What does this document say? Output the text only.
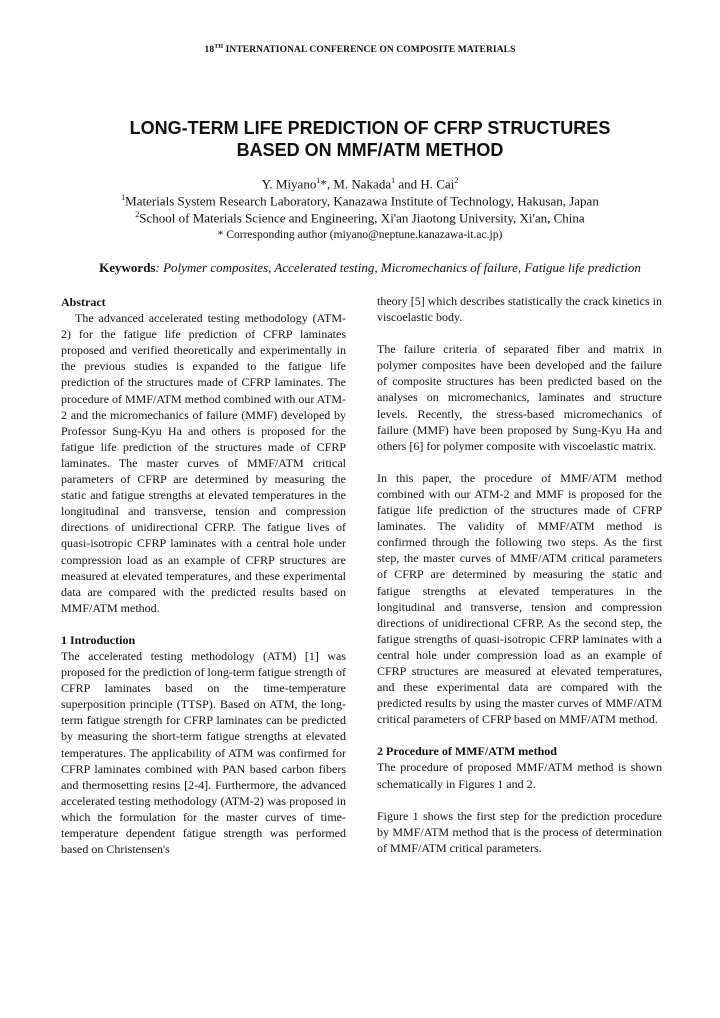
18TH INTERNATIONAL CONFERENCE ON COMPOSITE MATERIALS
LONG-TERM LIFE PREDICTION OF CFRP STRUCTURES
BASED ON MMF/ATM METHOD
Y. Miyano$^1$*, M. Nakada$^1$ and H. Cai$^2$
$^1$Materials System Research Laboratory, Kanazawa Institute of Technology, Hakusan, Japan
$^2$School of Materials Science and Engineering, Xi'an Jiaotong University, Xi'an, China
* Corresponding author (miyano@neptune.kanazawa-it.ac.jp)
Keywords: Polymer composites, Accelerated testing, Micromechanics of failure, Fatigue life prediction
Abstract

The advanced accelerated testing methodology (ATM-2) for the fatigue life prediction of CFRP laminates proposed and verified theoretically and experimentally in the previous studies is expanded to the fatigue life prediction of the structures made of CFRP laminates. The procedure of MMF/ATM method combined with our ATM-2 and the micromechanics of failure (MMF) developed by Professor Sung-Kyu Ha and others is proposed for the fatigue life prediction of the structures made of CFRP laminates. The master curves of MMF/ATM critical parameters of CFRP are determined by measuring the static and fatigue strengths at elevated temperatures in the longitudinal and transverse, tension and compression directions of unidirectional CFRP. The fatigue lives of quasi-isotropic CFRP laminates with a central hole under compression load as an example of CFRP structures are measured at elevated temperatures, and these experimental data are compared with the predicted results based on MMF/ATM method.

1 Introduction

The accelerated testing methodology (ATM) [1] was proposed for the prediction of long-term fatigue strength of CFRP laminates based on the time-temperature superposition principle (TTSP). Based on ATM, the long-term fatigue strength for CFRP laminates can be predicted by measuring the short-term fatigue strengths at elevated temperatures. The applicability of ATM was confirmed for CFRP laminates combined with PAN based carbon fibers and thermosetting resins [2-4]. Furthermore, the advanced accelerated testing methodology (ATM-2) was proposed in which the formulation for the master curves of time-temperature dependent fatigue strength was performed based on Christensen's

theory [5] which describes statistically the crack kinetics in viscoelastic body.

The failure criteria of separated fiber and matrix in polymer composites have been developed and the failure of composite structures has been predicted based on the analyses on micromechanics, laminates and structure levels. Recently, the stress-based micromechanics of failure (MMF) have been proposed by Sung-Kyu Ha and others [6] for polymer composite with viscoelastic matrix.

In this paper, the procedure of MMF/ATM method combined with our ATM-2 and MMF is proposed for the fatigue life prediction of the structures made of CFRP laminates. The validity of MMF/ATM method is confirmed through the following two steps. As the first step, the master curves of MMF/ATM critical parameters of CFRP are determined by measuring the static and fatigue strengths at elevated temperatures in the longitudinal and transverse, tension and compression directions of unidirectional CFRP. As the second step, the fatigue strengths of quasi-isotropic CFRP laminates with a central hole under compression load as an example of CFRP structures are measured at elevated temperatures, and these experimental data are compared with the predicted results by using the master curves of MMF/ATM critical parameters of CFRP based on MMF/ATM method.

2 Procedure of MMF/ATM method

The procedure of proposed MMF/ATM method is shown schematically in Figures 1 and 2.

Figure 1 shows the first step for the prediction procedure by MMF/ATM method that is the process of determination of MMF/ATM critical parameters.
